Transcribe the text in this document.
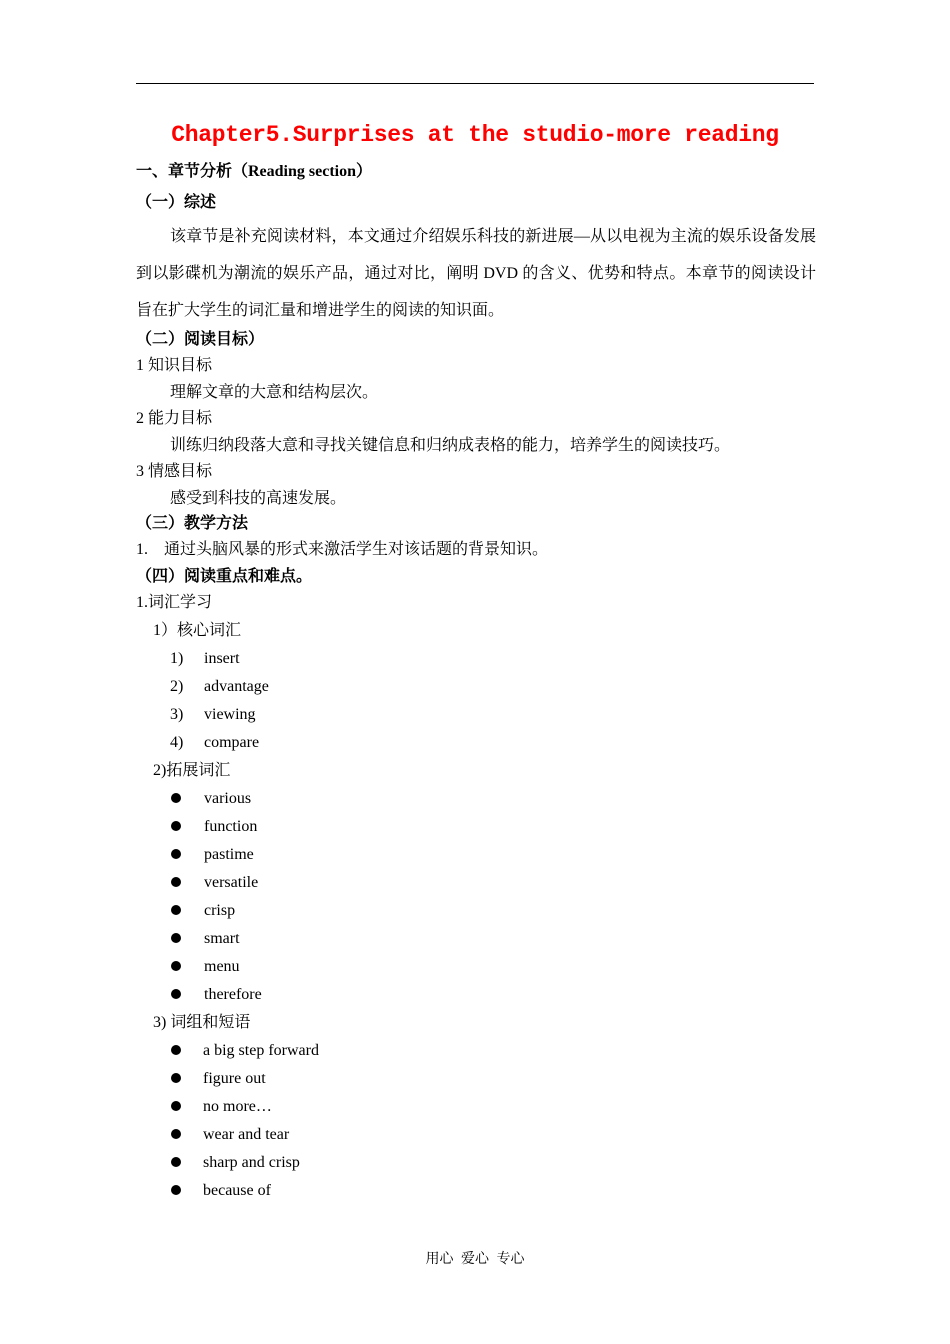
Chapter5.Surprises at the studio-more reading
一、章节分析（Reading section）
（一）综述
该章节是补充阅读材料，本文通过介绍娱乐科技的新进展—从以电视为主流的娱乐设备发展到以影碟机为潮流的娱乐产品，通过对比，阐明 DVD 的含义、优势和特点。本章节的阅读设计旨在扩大学生的词汇量和增进学生的阅读的知识面。
（二）阅读目标）
1 知识目标
理解文章的大意和结构层次。
2 能力目标
训练归纳段落大意和寻找关键信息和归纳成表格的能力，培养学生的阅读技巧。
3 情感目标
感受到科技的高速发展。
（三）教学方法
1. 通过头脑风暴的形式来激活学生对该话题的背景知识。
（四）阅读重点和难点。
1.词汇学习
1）核心词汇
1) insert
2) advantage
3) viewing
4) compare
2)拓展词汇
various
function
pastime
versatile
crisp
smart
menu
therefore
3) 词组和短语
a big step forward
figure out
no more…
wear and tear
sharp and crisp
because of
用心 爱心 专心
